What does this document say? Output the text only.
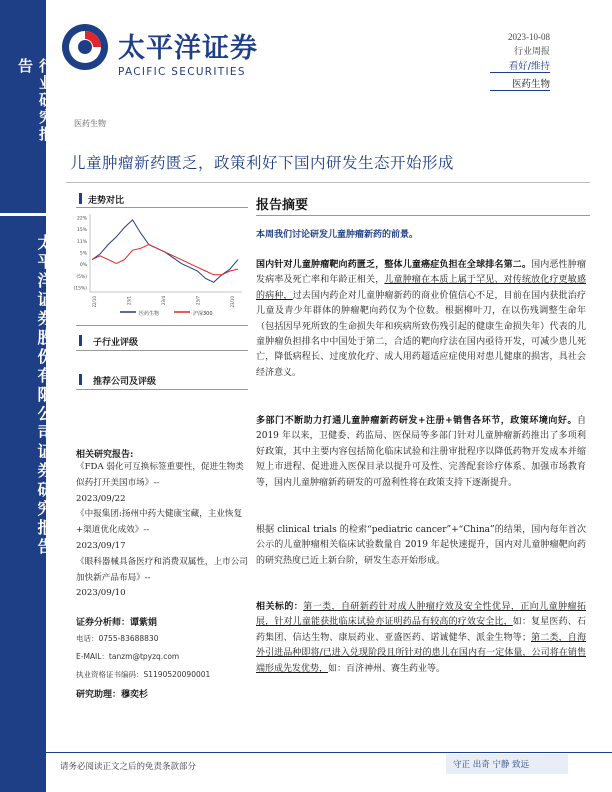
行业研究报告
太平洋证券股份有限公司证券研究报告
太平洋证券
PACIFIC SECURITIES
2023-10-08
行业周报
看好/维持
医药生物
医药生物
儿童肿瘤新药匮乏，政策利好下国内研发生态开始形成
走势对比
22%
15%
11%
5%
0%
(5%)
(15%)
22/10	23/1	23/4	23/7	23/10
医药生物	沪深300
子行业评级
推荐公司及评级
相关研究报告:
《FDA 弱化可互换标签重要性，促进生物类似药打开美国市场》--
2023/09/22
《中报集团:扬州中药大健康宝藏，主业恢复+渠道优化成效》--
2023/09/17
《眼科器械具备医疗和消费双属性，上市公司加快新产品布局》--
2023/09/10
证券分析师：谭紫娟
电话：0755-83688830
E-MAIL：tanzm@tpyzq.com
执业资格证书编码：S1190520090001
研究助理：穆奕杉
报告摘要
本周我们讨论研发儿童肿瘤新药的前景。
国内针对儿童肿瘤靶向药匮乏，整体儿童癌症负担在全球排名第二。国内恶性肿瘤发病率及死亡率和年龄正相关，儿童肿瘤在本质上属于罕见、对传统放化疗更敏感的病种，过去国内药企对儿童肿瘤新药的商业价值信心不足，目前在国内获批治疗儿童及青少年群体的肿瘤靶向药仅为个位数。根据柳叶刀，在以伤残调整生命年（包括因早死所致的生命损失年和疾病所致伤残引起的健康生命损失年）代表的儿童肿瘤负担排名中中国处于第二，合适的靶向疗法在国内亟待开发，可减少患儿死亡，降低病程长、过度放化疗、成人用药超适应症使用对患儿健康的损害，具社会经济意义。
多部门不断助力打通儿童肿瘤新药研发+注册+销售各环节，政策环境向好。自 2019 年以来，卫健委、药监局、医保局等多部门针对儿童肿瘤新药推出了多项利好政策，其中主要内容包括简化临床试验和注册审批程序以降低药物开发成本并缩短上市进程、促进进入医保目录以提升可及性、完善配套诊疗体系、加强市场教育等，国内儿童肿瘤新药研发的可盈利性将在政策支持下逐渐提升。
根据 clinical trials 的检索“pediatric cancer”+“China”的结果，国内每年首次公示的儿童肿瘤相关临床试验数量自 2019 年起快速提升，国内对儿童肿瘤靶向药的研究热度已近上新台阶，研发生态开始形成。
相关标的：第一类，自研新药针对成人肿瘤疗效及安全性优异，正向儿童肿瘤拓展，针对儿童能获批临床试验亦证明药品有较高的疗效安全比，如：复星医药、石药集团、信达生物、康辰药业、亚盛医药、诺诚健华、派金生物等；第二类，自海外引进品种即将/已进入兑现阶段且所针对的患儿在国内有一定体量，公司将在销售端形成先发优势，如：百济神州、赛生药业等。
请务必阅读正文之后的免责条款部分	守正 出奇 宁静 致远
